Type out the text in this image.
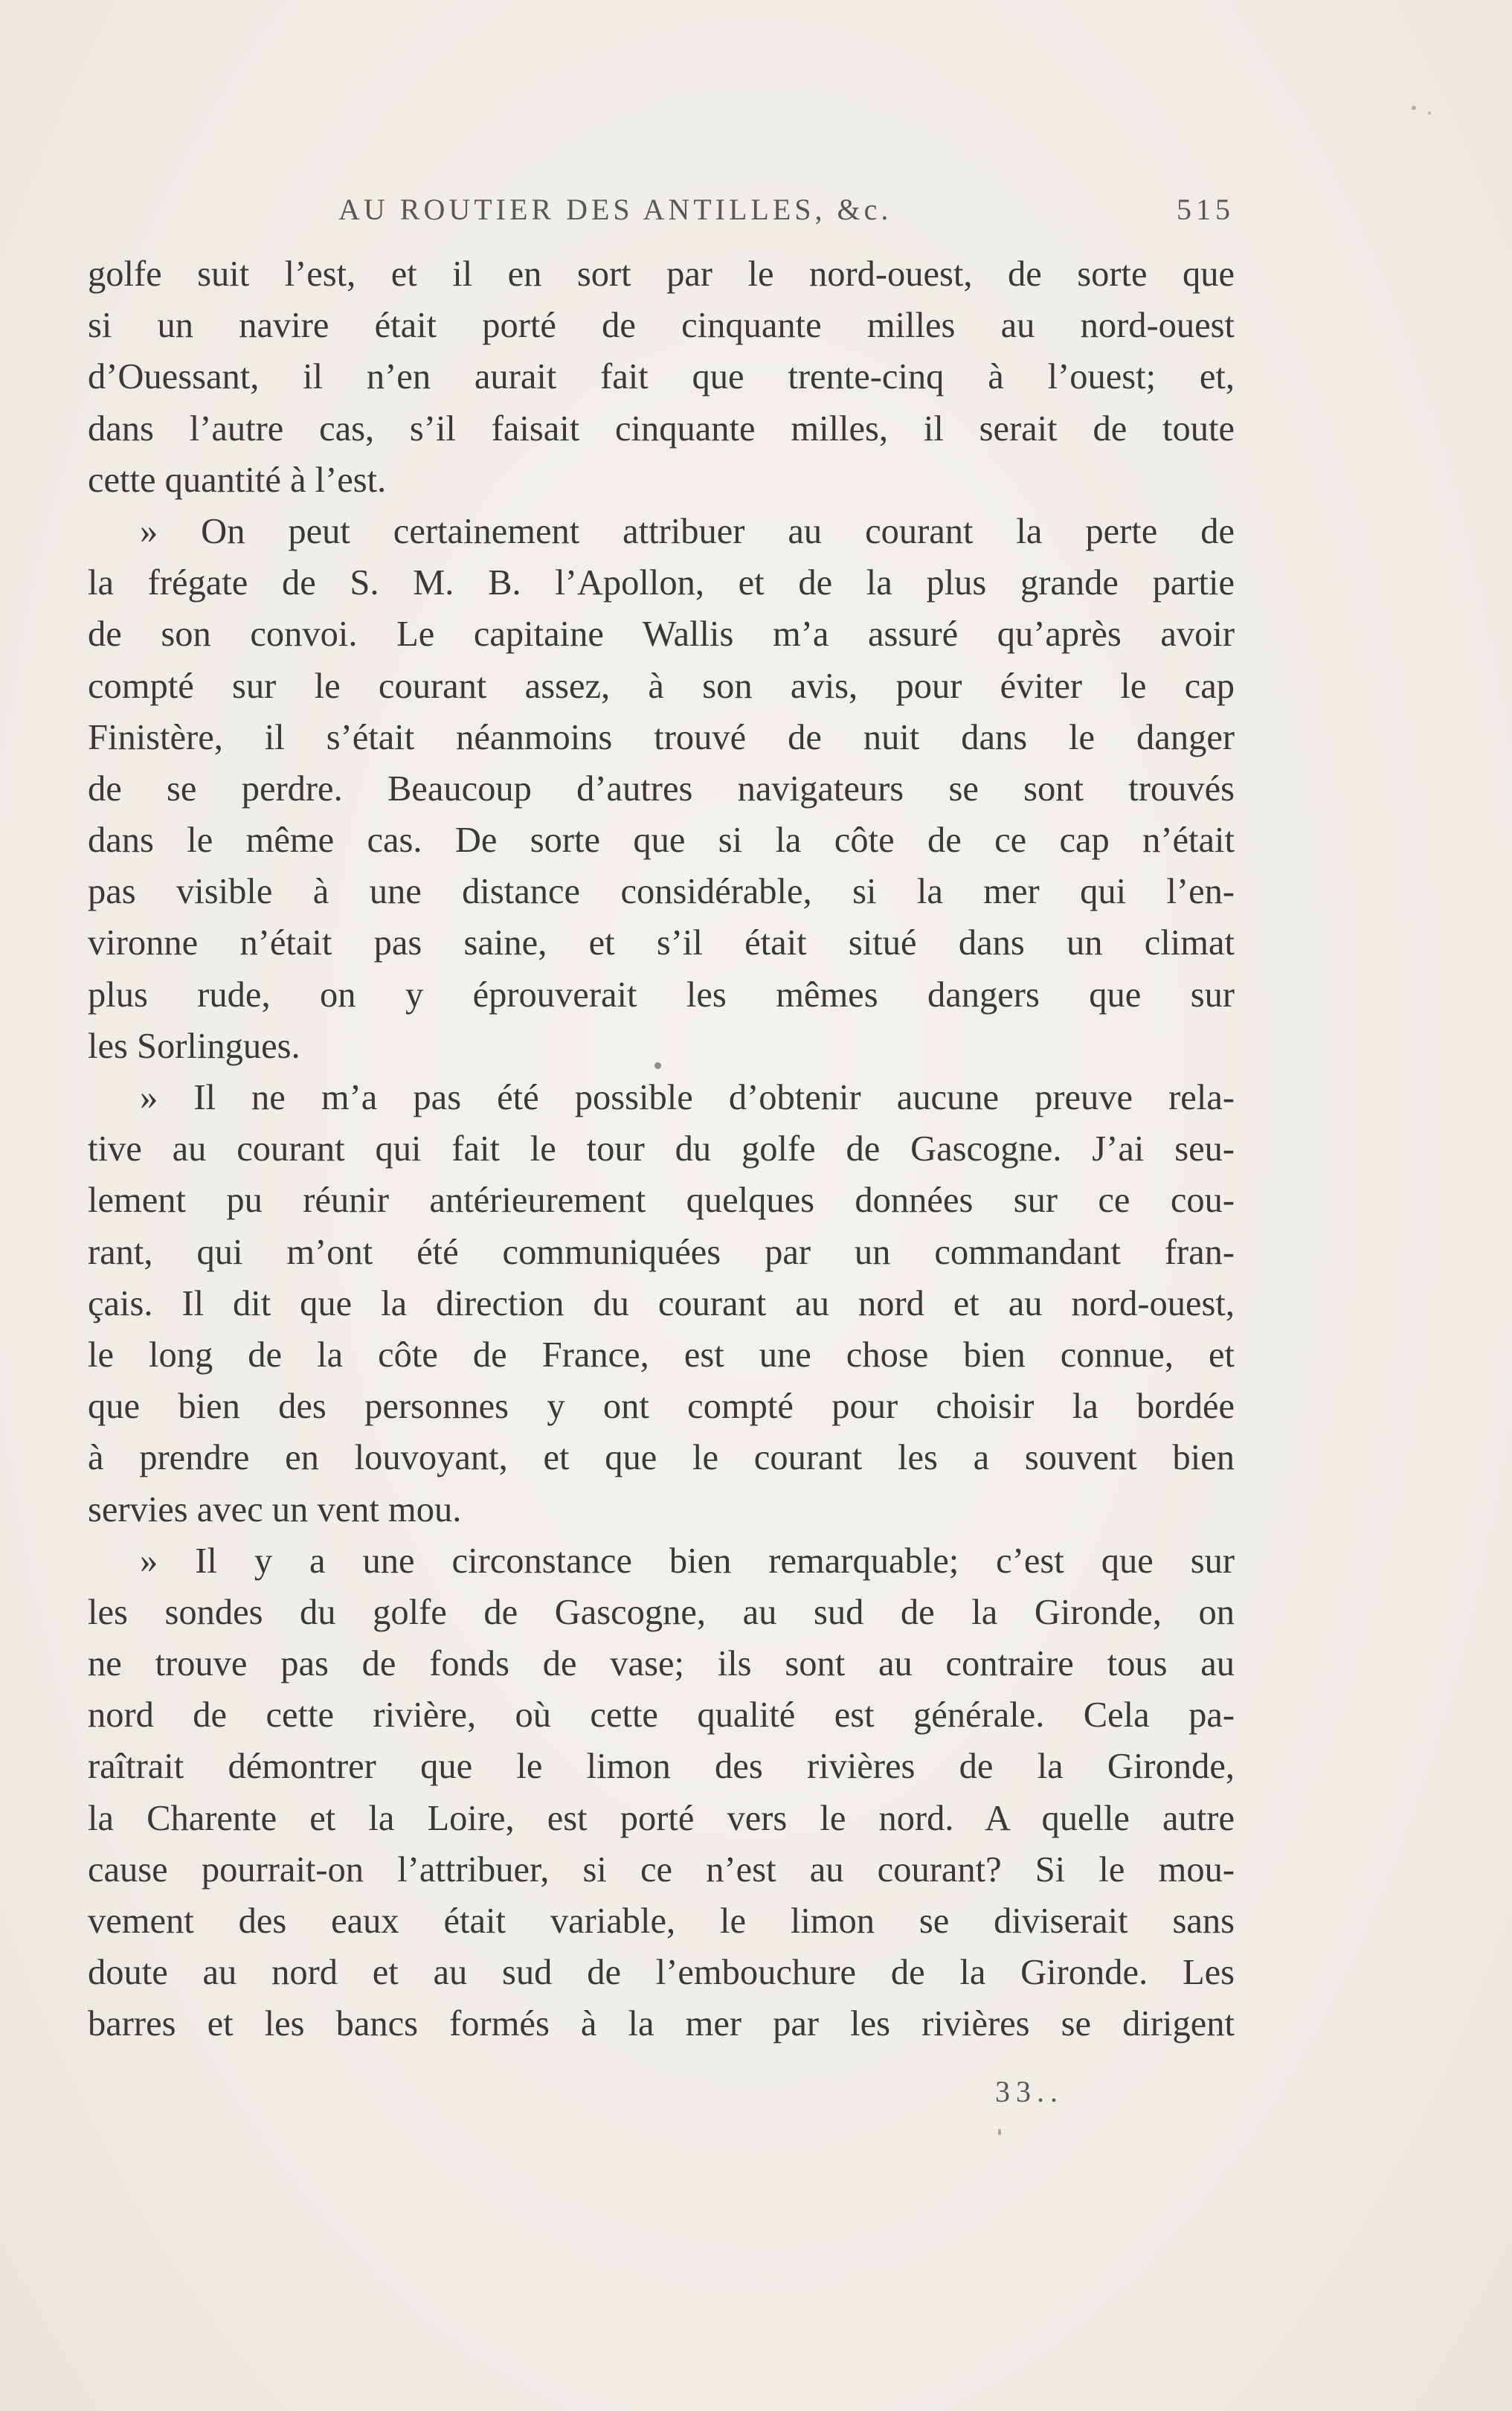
AU ROUTIER DES ANTILLES, &c.	515
golfe suit l’est, et il en sort par le nord-ouest, de sorte que
si un navire était porté de cinquante milles au nord-ouest
d’Ouessant, il n’en aurait fait que trente-cinq à l’ouest; et,
dans l’autre cas, s’il faisait cinquante milles, il serait de toute
cette quantité à l’est.
» On peut certainement attribuer au courant la perte de
la frégate de S. M. B. l’Apollon, et de la plus grande partie
de son convoi. Le capitaine Wallis m’a assuré qu’après avoir
compté sur le courant assez, à son avis, pour éviter le cap
Finistère, il s’était néanmoins trouvé de nuit dans le danger
de se perdre. Beaucoup d’autres navigateurs se sont trouvés
dans le même cas. De sorte que si la côte de ce cap n’était
pas visible à une distance considérable, si la mer qui l’en-
vironne n’était pas saine, et s’il était situé dans un climat
plus rude, on y éprouverait les mêmes dangers que sur
les Sorlingues.
» Il ne m’a pas été possible d’obtenir aucune preuve rela-
tive au courant qui fait le tour du golfe de Gascogne. J’ai seu-
lement pu réunir antérieurement quelques données sur ce cou-
rant, qui m’ont été communiquées par un commandant fran-
çais. Il dit que la direction du courant au nord et au nord-ouest,
le long de la côte de France, est une chose bien connue, et
que bien des personnes y ont compté pour choisir la bordée
à prendre en louvoyant, et que le courant les a souvent bien
servies avec un vent mou.
» Il y a une circonstance bien remarquable; c’est que sur
les sondes du golfe de Gascogne, au sud de la Gironde, on
ne trouve pas de fonds de vase; ils sont au contraire tous au
nord de cette rivière, où cette qualité est générale. Cela pa-
raîtrait démontrer que le limon des rivières de la Gironde,
la Charente et la Loire, est porté vers le nord. A quelle autre
cause pourrait-on l’attribuer, si ce n’est au courant? Si le mou-
vement des eaux était variable, le limon se diviserait sans
doute au nord et au sud de l’embouchure de la Gironde. Les
barres et les bancs formés à la mer par les rivières se dirigent
33..
